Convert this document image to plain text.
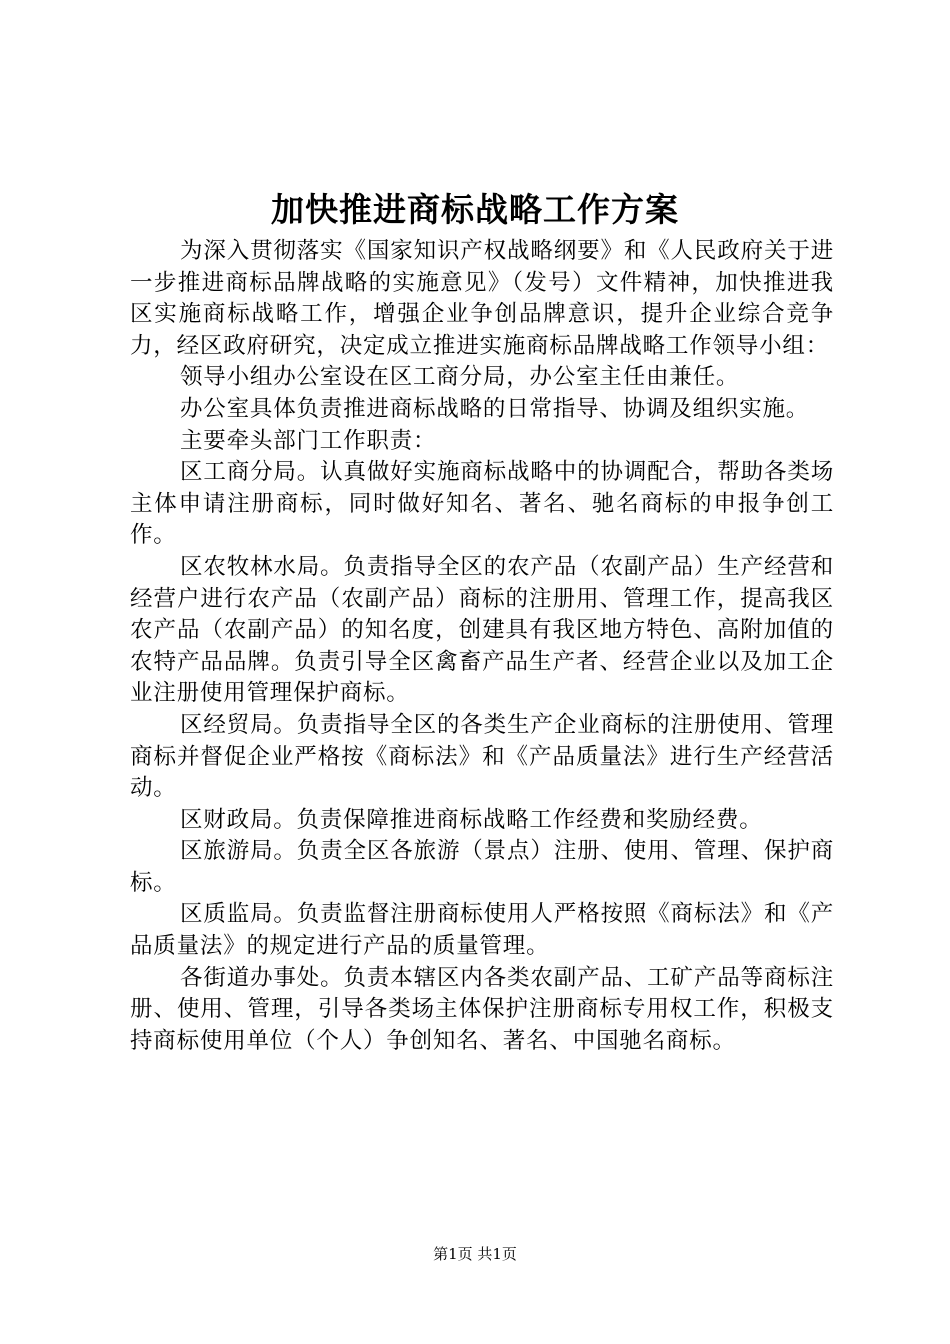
加快推进商标战略工作方案

为深入贯彻落实《国家知识产权战略纲要》和《人民政府关于进一步推进商标品牌战略的实施意见》（发号）文件精神，加快推进我区实施商标战略工作，增强企业争创品牌意识，提升企业综合竞争力，经区政府研究，决定成立推进实施商标品牌战略工作领导小组：

领导小组办公室设在区工商分局，办公室主任由兼任。

办公室具体负责推进商标战略的日常指导、协调及组织实施。

主要牵头部门工作职责：

区工商分局。认真做好实施商标战略中的协调配合，帮助各类场主体申请注册商标，同时做好知名、著名、驰名商标的申报争创工作。

区农牧林水局。负责指导全区的农产品（农副产品）生产经营和经营户进行农产品（农副产品）商标的注册用、管理工作，提高我区农产品（农副产品）的知名度，创建具有我区地方特色、高附加值的农特产品品牌。负责引导全区禽畜产品生产者、经营企业以及加工企业注册使用管理保护商标。

区经贸局。负责指导全区的各类生产企业商标的注册使用、管理商标并督促企业严格按《商标法》和《产品质量法》进行生产经营活动。

区财政局。负责保障推进商标战略工作经费和奖励经费。

区旅游局。负责全区各旅游（景点）注册、使用、管理、保护商标。

区质监局。负责监督注册商标使用人严格按照《商标法》和《产品质量法》的规定进行产品的质量管理。

各街道办事处。负责本辖区内各类农副产品、工矿产品等商标注册、使用、管理，引导各类场主体保护注册商标专用权工作，积极支持商标使用单位（个人）争创知名、著名、中国驰名商标。

第1页 共1页
